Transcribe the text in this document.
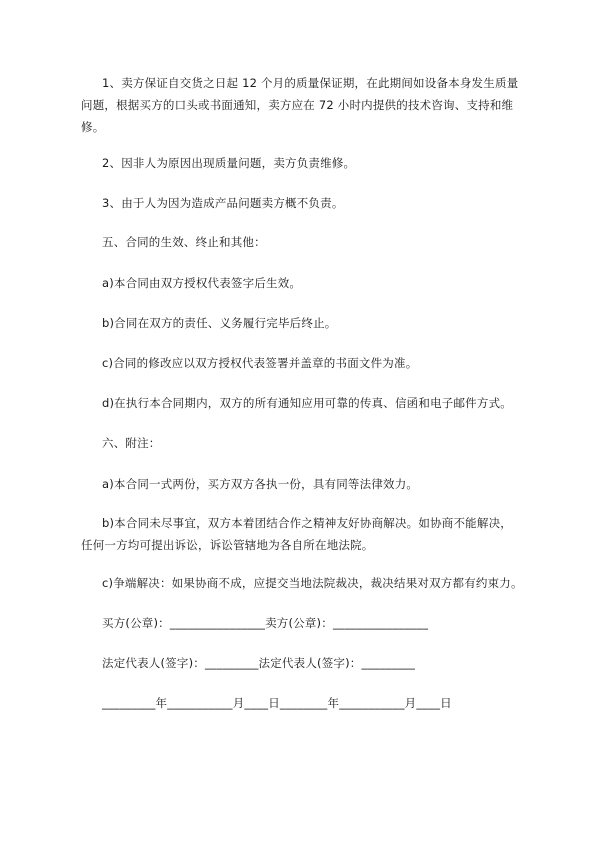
1、卖方保证自交货之日起 12 个月的质量保证期，在此期间如设备本身发生质量问题，根据买方的口头或书面通知，卖方应在 72 小时内提供的技术咨询、支持和维修。

2、因非人为原因出现质量问题，卖方负责维修。

3、由于人为因为造成产品问题卖方概不负责。

五、合同的生效、终止和其他：

a)本合同由双方授权代表签字后生效。

b)合同在双方的责任、义务履行完毕后终止。

c)合同的修改应以双方授权代表签署并盖章的书面文件为准。

d)在执行本合同期内，双方的所有通知应用可靠的传真、信函和电子邮件方式。

六、附注：

a)本合同一式两份，买方双方各执一份，具有同等法律效力。

b)本合同未尽事宜，双方本着团结合作之精神友好协商解决。如协商不能解决，任何一方均可提出诉讼，诉讼管辖地为各自所在地法院。

c)争端解决：如果协商不成，应提交当地法院裁决，裁决结果对双方都有约束力。

买方(公章)：________________卖方(公章)：________________

法定代表人(签字)：_________法定代表人(签字)：_________

_________年___________月____日________年___________月____日
